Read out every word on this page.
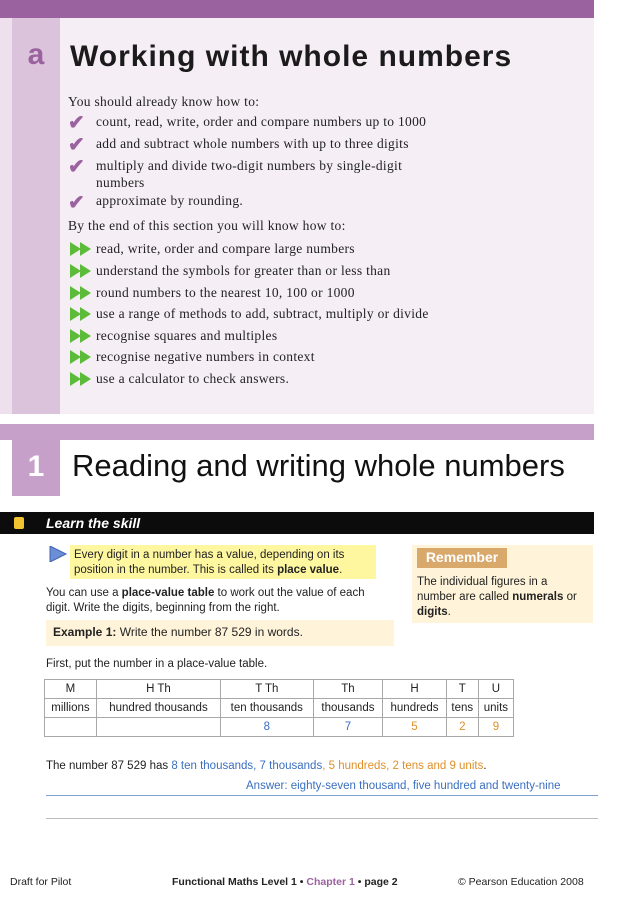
a Working with whole numbers
You should already know how to:
✔ count, read, write, order and compare numbers up to 1000
✔ add and subtract whole numbers with up to three digits
✔ multiply and divide two-digit numbers by single-digit
numbers
✔ approximate by rounding.
By the end of this section you will know how to:
read, write, order and compare large numbers
understand the symbols for greater than or less than
round numbers to the nearest 10, 100 or 1000
use a range of methods to add, subtract, multiply or divide
recognise squares and multiples
recognise negative numbers in context
use a calculator to check answers.
1 Reading and writing whole numbers
Learn the skill
Every digit in a number has a value, depending on its position in the number. This is called its place value.
Remember
The individual figures in a number are called numerals or digits.
You can use a place-value table to work out the value of each digit. Write the digits, beginning from the right.
Example 1: Write the number 87 529 in words.
First, put the number in a place-value table.
M	H Th	T Th	Th	H	T	U
millions	hundred thousands	ten thousands	thousands	hundreds	tens	units
		8	7	5	2	9
The number 87 529 has 8 ten thousands, 7 thousands, 5 hundreds, 2 tens and 9 units.
Answer: eighty-seven thousand, five hundred and twenty-nine
Draft for Pilot	Functional Maths Level 1 • Chapter 1 • page 2	© Pearson Education 2008
